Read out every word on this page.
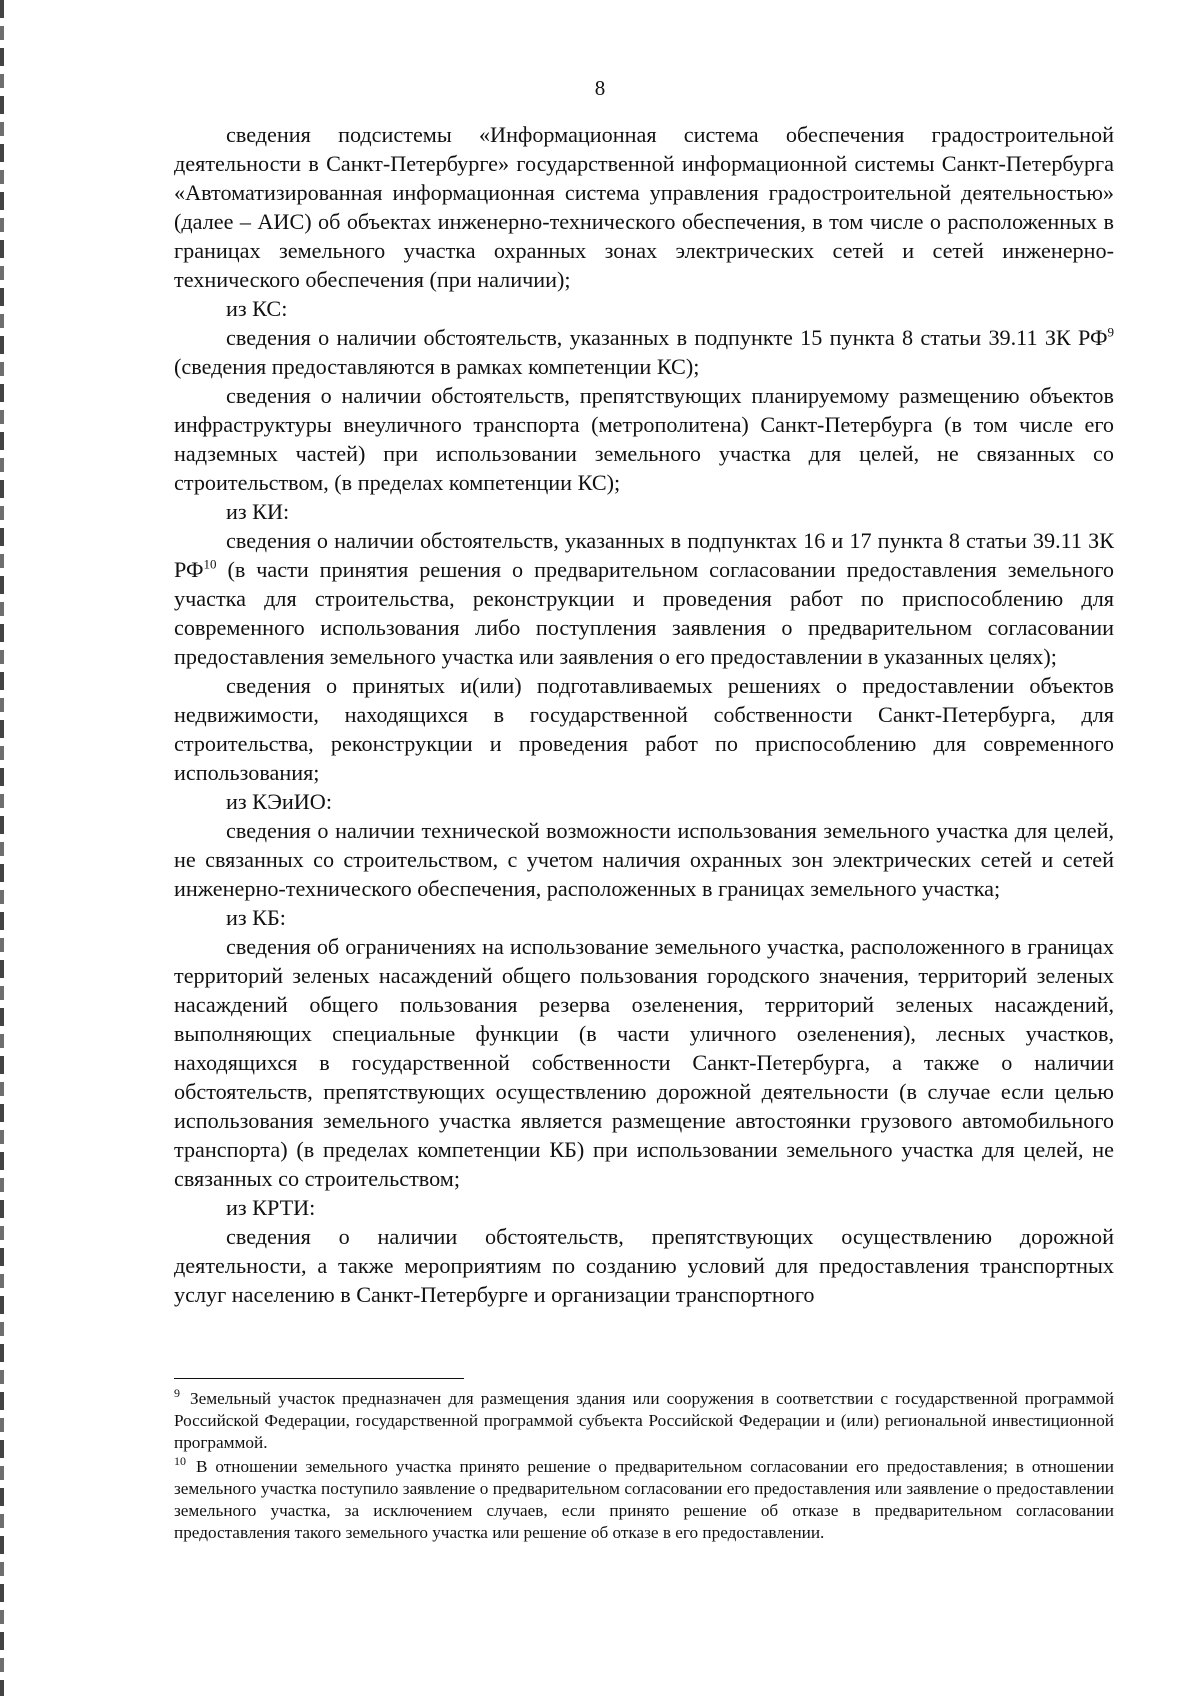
8

сведения подсистемы «Информационная система обеспечения градостроительной деятельности в Санкт-Петербурге» государственной информационной системы Санкт-Петербурга «Автоматизированная информационная система управления градостроительной деятельностью» (далее – АИС) об объектах инженерно-технического обеспечения, в том числе о расположенных в границах земельного участка охранных зонах электрических сетей и сетей инженерно-технического обеспечения (при наличии);

из КС:

сведения о наличии обстоятельств, указанных в подпункте 15 пункта 8 статьи 39.11 ЗК $РФ^9$ (сведения предоставляются в рамках компетенции КС);

сведения о наличии обстоятельств, препятствующих планируемому размещению объектов инфраструктуры внеуличного транспорта (метрополитена) Санкт-Петербурга (в том числе его надземных частей) при использовании земельного участка для целей, не связанных со строительством, (в пределах компетенции КС);

из КИ:

сведения о наличии обстоятельств, указанных в подпунктах 16 и 17 пункта 8 статьи 39.11 ЗК РФ$^{10}$ (в части принятия решения о предварительном согласовании предоставления земельного участка для строительства, реконструкции и проведения работ по приспособлению для современного использования либо поступления заявления о предварительном согласовании предоставления земельного участка или заявления о его предоставлении в указанных целях);

сведения о принятых и(или) подготавливаемых решениях о предоставлении объектов недвижимости, находящихся в государственной собственности Санкт-Петербурга, для строительства, реконструкции и проведения работ по приспособлению для современного использования;

из КЭиИО:

сведения о наличии технической возможности использования земельного участка для целей, не связанных со строительством, с учетом наличия охранных зон электрических сетей и сетей инженерно-технического обеспечения, расположенных в границах земельного участка;

из КБ:

сведения об ограничениях на использование земельного участка, расположенного в границах территорий зеленых насаждений общего пользования городского значения, территорий зеленых насаждений общего пользования резерва озеленения, территорий зеленых насаждений, выполняющих специальные функции (в части уличного озеленения), лесных участков, находящихся в государственной собственности Санкт-Петербурга, а также о наличии обстоятельств, препятствующих осуществлению дорожной деятельности (в случае если целью использования земельного участка является размещение автостоянки грузового автомобильного транспорта) (в пределах компетенции КБ) при использовании земельного участка для целей, не связанных со строительством;

из КРТИ:

сведения о наличии обстоятельств, препятствующих осуществлению дорожной деятельности, а также мероприятиям по созданию условий для предоставления транспортных услуг населению в Санкт-Петербурге и организации транспортного

$^9$ Земельный участок предназначен для размещения здания или сооружения в соответствии с государственной программой Российской Федерации, государственной программой субъекта Российской Федерации и (или) региональной инвестиционной программой.

$^{10}$ В отношении земельного участка принято решение о предварительном согласовании его предоставления; в отношении земельного участка поступило заявление о предварительном согласовании его предоставления или заявление о предоставлении земельного участка, за исключением случаев, если принято решение об отказе в предварительном согласовании предоставления такого земельного участка или решение об отказе в его предоставлении.
